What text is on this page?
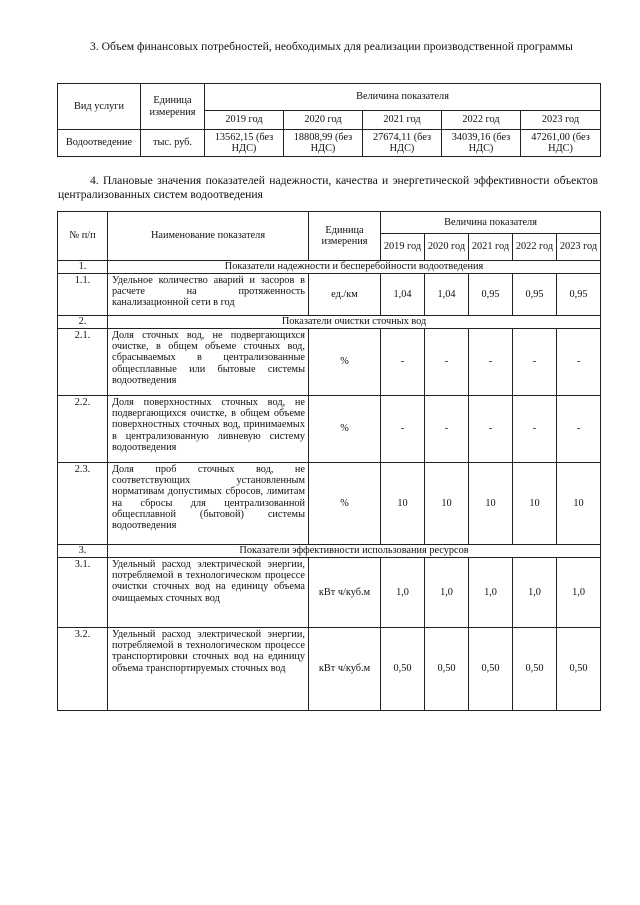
3. Объем финансовых потребностей, необходимых для реализации производственной программы
Вид услуги	Единица измерения	Величина показателя				
		2019 год	2020 год	2021 год	2022 год	2023 год
Водоотведение	тыс. руб.	13562,15 (без НДС)	18808,99 (без НДС)	27674,11 (без НДС)	34039,16 (без НДС)	47261,00 (без НДС)
4. Плановые значения показателей надежности, качества и энергетической эффективности объектов централизованных систем водоотведения
№ п/п	Наименование показателя	Единица измерения	Величина показателя				
			2019 год	2020 год	2021 год	2022 год	2023 год
1.	Показатели надежности и бесперебойности водоотведения						
1.1.	Удельное количество аварий и засоров в расчете на протяженность канализационной сети в год	ед./км	1,04	1,04	0,95	0,95	0,95
2.	Показатели очистки сточных вод						
2.1.	Доля сточных вод, не подвергающихся очистке, в общем объеме сточных вод, сбрасываемых в централизованные общесплавные или бытовые системы водоотведения	%	-	-	-	-	-
2.2.	Доля поверхностных сточных вод, не подвергающихся очистке, в общем объеме поверхностных сточных вод, принимаемых в централизованную ливневую систему водоотведения	%	-	-	-	-	-
2.3.	Доля проб сточных вод, не соответствующих установленным нормативам допустимых сбросов, лимитам на сбросы для централизованной общесплавной (бытовой) системы водоотведения	%	10	10	10	10	10
3.	Показатели эффективности использования ресурсов						
3.1.	Удельный расход электрической энергии, потребляемой в технологическом процессе очистки сточных вод на единицу объема очищаемых сточных вод	кВт ч/куб.м	1,0	1,0	1,0	1,0	1,0
3.2.	Удельный расход электрической энергии, потребляемой в технологическом процессе транспортировки сточных вод на единицу объема транспортируемых сточных вод	кВт ч/куб.м	0,50	0,50	0,50	0,50	0,50
